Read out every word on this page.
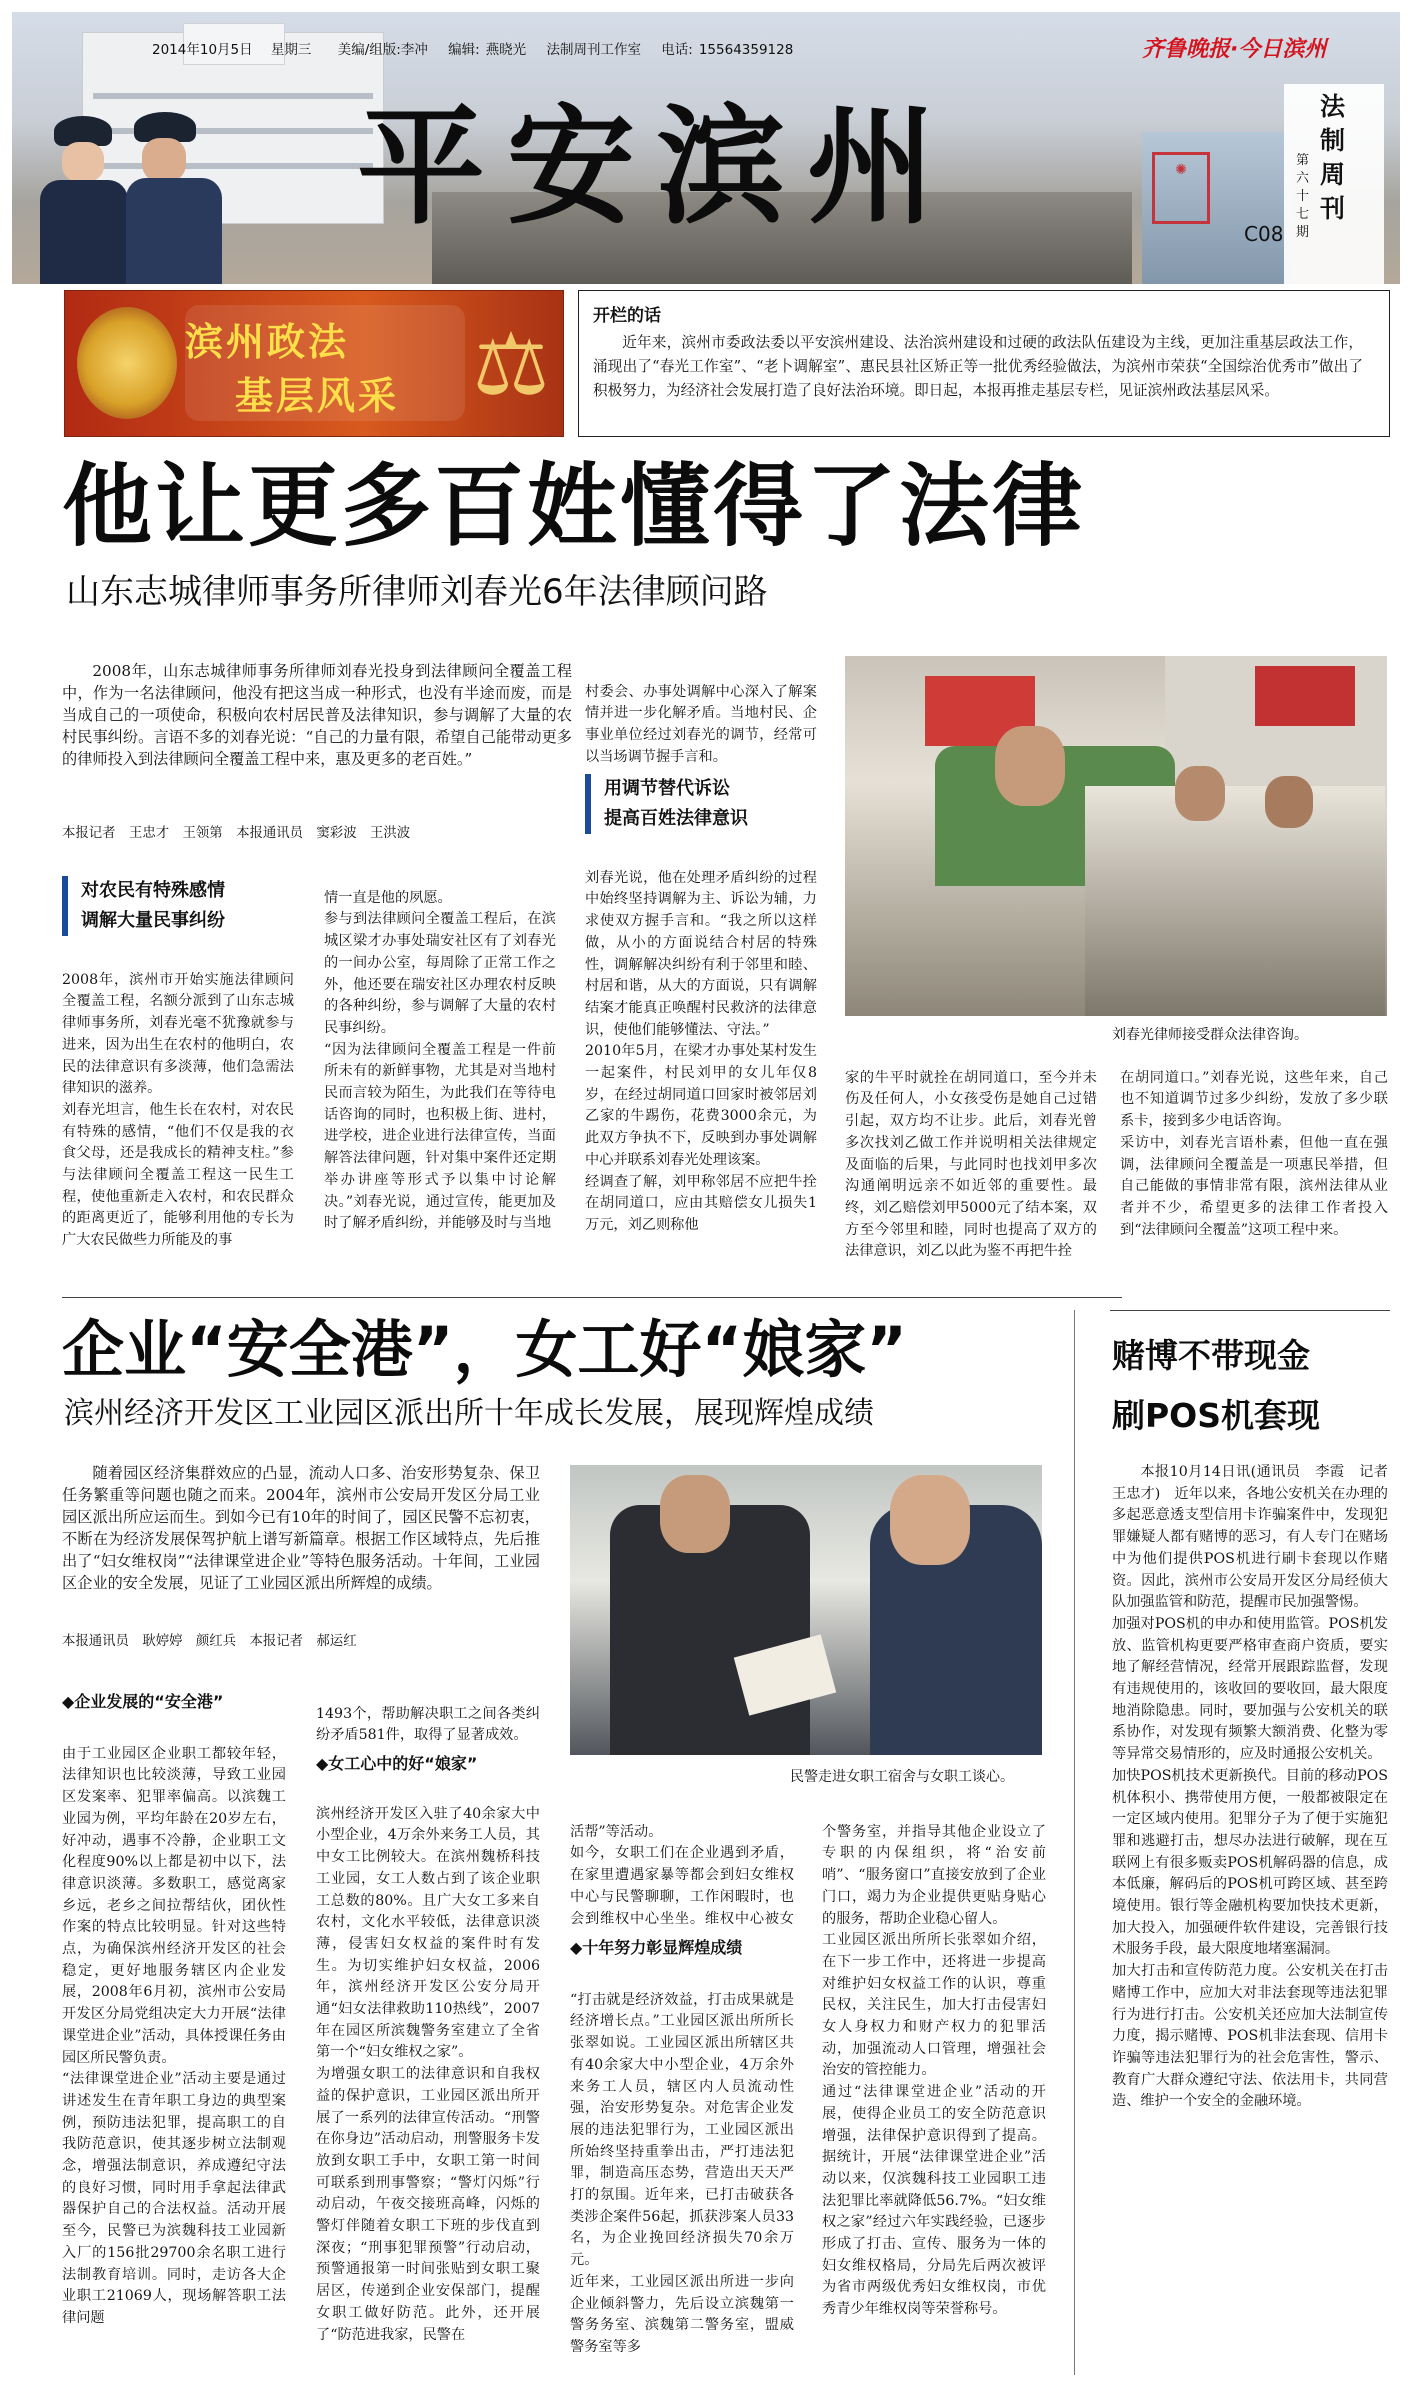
2014年10月5日 星期三 美编/组版:李冲 编辑: 燕晓光 法制周刊工作室 电话: 15564359128	齐鲁晚报·今日滨州
平安滨州	✺
法制周刊
第六十七期
C08
滨州政法
基层风采 ⚖	开栏的话
近年来，滨州市委政法委以平安滨州建设、法治滨州建设和过硬的政法队伍建设为主线，更加注重基层政法工作，涌现出了“春光工作室”、“老卜调解室”、惠民县社区矫正等一批优秀经验做法，为滨州市荣获“全国综治优秀市”做出了积极努力，为经济社会发展打造了良好法治环境。即日起，本报再推走基层专栏，见证滨州政法基层风采。
他让更多百姓懂得了法律
山东志城律师事务所律师刘春光6年法律顾问路
2008年，山东志城律师事务所律师刘春光投身到法律顾问全覆盖工程中，作为一名法律顾问，他没有把这当成一种形式，也没有半途而废，而是当成自己的一项使命，积极向农村居民普及法律知识，参与调解了大量的农村民事纠纷。言语不多的刘春光说：“自己的力量有限，希望自己能带动更多的律师投入到法律顾问全覆盖工程中来，惠及更多的老百姓。”
本报记者　王忠才　王领第　本报通讯员　窦彩波　王洪波
对农民有特殊感情
调解大量民事纠纷

2008年，滨州市开始实施法律顾问全覆盖工程，名额分派到了山东志城律师事务所，刘春光毫不犹豫就参与进来，因为出生在农村的他明白，农民的法律意识有多淡薄，他们急需法律知识的滋养。
刘春光坦言，他生长在农村，对农民有特殊的感情，“他们不仅是我的衣食父母，还是我成长的精神支柱。”参与法律顾问全覆盖工程这一民生工程，使他重新走入农村，和农民群众的距离更近了，能够利用他的专长为广大农民做些力所能及的事

情一直是他的夙愿。
参与到法律顾问全覆盖工程后，在滨城区梁才办事处瑞安社区有了刘春光的一间办公室，每周除了正常工作之外，他还要在瑞安社区办理农村反映的各种纠纷，参与调解了大量的农村民事纠纷。
“因为法律顾问全覆盖工程是一件前所未有的新鲜事物，尤其是对当地村民而言较为陌生，为此我们在等待电话咨询的同时，也积极上街、进村，进学校，进企业进行法律宣传，当面解答法律问题，针对集中案件还定期举办讲座等形式予以集中讨论解决。”刘春光说，通过宣传，能更加及时了解矛盾纠纷，并能够及时与当地

村委会、办事处调解中心深入了解案情并进一步化解矛盾。当地村民、企事业单位经过刘春光的调节，经常可以当场调节握手言和。

用调节替代诉讼
提高百姓法律意识

刘春光说，他在处理矛盾纠纷的过程中始终坚持调解为主、诉讼为辅，力求使双方握手言和。“我之所以这样做，从小的方面说结合村居的特殊性，调解解决纠纷有利于邻里和睦、村居和谐，从大的方面说，只有调解结案才能真正唤醒村民救济的法律意识，使他们能够懂法、守法。”
2010年5月，在梁才办事处某村发生一起案件，村民刘甲的女儿年仅8岁，在经过胡同道口回家时被邻居刘乙家的牛踢伤，花费3000余元，为此双方争执不下，反映到办事处调解中心并联系刘春光处理该案。
经调查了解，刘甲称邻居不应把牛拴在胡同道口，应由其赔偿女儿损失1万元，刘乙则称他

刘春光律师接受群众法律咨询。

家的牛平时就拴在胡同道口，至今并未伤及任何人，小女孩受伤是她自己过错引起，双方均不让步。此后，刘春光曾多次找刘乙做工作并说明相关法律规定及面临的后果，与此同时也找刘甲多次沟通阐明远亲不如近邻的重要性。最终，刘乙赔偿刘甲5000元了结本案，双方至今邻里和睦，同时也提高了双方的法律意识，刘乙以此为鉴不再把牛拴

在胡同道口。”刘春光说，这些年来，自己也不知道调节过多少纠纷，发放了多少联系卡，接到多少电话咨询。
采访中，刘春光言语朴素，但他一直在强调，法律顾问全覆盖是一项惠民举措，但自己能做的事情非常有限，滨州法律从业者并不少，希望更多的法律工作者投入到“法律顾问全覆盖”这项工程中来。

企业“安全港”，女工好“娘家”
滨州经济开发区工业园区派出所十年成长发展，展现辉煌成绩
随着园区经济集群效应的凸显，流动人口多、治安形势复杂、保卫任务繁重等问题也随之而来。2004年，滨州市公安局开发区分局工业园区派出所应运而生。到如今已有10年的时间了，园区民警不忘初衷，不断在为经济发展保驾护航上谱写新篇章。根据工作区域特点，先后推出了“妇女维权岗”“法律课堂进企业”等特色服务活动。十年间，工业园区企业的安全发展，见证了工业园区派出所辉煌的成绩。
本报通讯员　耿婷婷　颜红兵　本报记者　郝运红
民警走进女职工宿舍与女职工谈心。
◆企业发展的“安全港”

由于工业园区企业职工都较年轻，法律知识也比较淡薄，导致工业园区发案率、犯罪率偏高。以滨魏工业园为例，平均年龄在20岁左右，好冲动，遇事不冷静，企业职工文化程度90%以上都是初中以下，法律意识淡薄。多数职工，感觉离家乡远，老乡之间拉帮结伙，团伙性作案的特点比较明显。针对这些特点，为确保滨州经济开发区的社会稳定，更好地服务辖区内企业发展，2008年6月初，滨州市公安局开发区分局党组决定大力开展“法律课堂进企业”活动，具体授课任务由园区所民警负责。
“法律课堂进企业”活动主要是通过讲述发生在青年职工身边的典型案例，预防违法犯罪，提高职工的自我防范意识，使其逐步树立法制观念，增强法制意识，养成遵纪守法的良好习惯，同时用手拿起法律武器保护自己的合法权益。活动开展至今，民警已为滨魏科技工业园新入厂的156批29700余名职工进行法制教育培训。同时，走访各大企业职工21069人，现场解答职工法律问题

1493个，帮助解决职工之间各类纠纷矛盾581件，取得了显著成效。

◆女工心中的好“娘家”

滨州经济开发区入驻了40余家大中小型企业，4万余外来务工人员，其中女工比例较大。在滨州魏桥科技工业园，女工人数占到了该企业职工总数的80%。且广大女工多来自农村，文化水平较低，法律意识淡薄，侵害妇女权益的案件时有发生。为切实维护妇女权益，2006年，滨州经济开发区公安分局开通“妇女法律救助110热线”，2007年在园区所滨魏警务室建立了全省第一个“妇女维权之家”。
为增强女职工的法律意识和自我权益的保护意识，工业园区派出所开展了一系列的法律宣传活动。“刑警在你身边”活动启动，刑警服务卡发放到女职工手中，女职工第一时间可联系到刑事警察；“警灯闪烁”行动启动，午夜交接班高峰，闪烁的警灯伴随着女职工下班的步伐直到深夜；“刑事犯罪预警”行动启动，预警通报第一时间张贴到女职工聚居区，传递到企业安保部门，提醒女职工做好防范。此外，还开展了“防范进我家，民警在

活帮”等活动。
如今，女职工们在企业遇到矛盾，在家里遭遇家暴等都会到妇女维权中心与民警聊聊，工作闲暇时，也会到维权中心坐坐。维权中心被女

◆十年努力彰显辉煌成绩

“打击就是经济效益，打击成果就是经济增长点。”工业园区派出所所长张翠如说。工业园区派出所辖区共有40余家大中小型企业，4万余外来务工人员，辖区内人员流动性强，治安形势复杂。对危害企业发展的违法犯罪行为，工业园区派出所始终坚持重拳出击，严打违法犯罪，制造高压态势，营造出天天严打的氛围。近年来，已打击破获各类涉企案件56起，抓获涉案人员33名，为企业挽回经济损失70余万元。
近年来，工业园区派出所进一步向企业倾斜警力，先后设立滨魏第一警务务室、滨魏第二警务室，盟威警务室等多

个警务室，并指导其他企业设立了专职的内保组织，将“治安前哨”、“服务窗口”直接安放到了企业门口，竭力为企业提供更贴身贴心的服务，帮助企业稳心留人。
工业园区派出所所长张翠如介绍，在下一步工作中，还将进一步提高对维护妇女权益工作的认识，尊重民权，关注民生，加大打击侵害妇女人身权力和财产权力的犯罪活动，加强流动人口管理，增强社会治安的管控能力。
通过“法律课堂进企业”活动的开展，使得企业员工的安全防范意识增强，法律保护意识得到了提高。据统计，开展“法律课堂进企业”活动以来，仅滨魏科技工业园职工违法犯罪比率就降低56.7%。“妇女维权之家”经过六年实践经验，已逐步形成了打击、宣传、服务为一体的妇女维权格局，分局先后两次被评为省市两级优秀妇女维权岗，市优秀青少年维权岗等荣誉称号。

赌博不带现金
刷POS机套现
本报10月14日讯(通讯员　李霞　记者　王忠才)　近年以来，各地公安机关在办理的多起恶意透支型信用卡诈骗案件中，发现犯罪嫌疑人都有赌博的恶习，有人专门在赌场中为他们提供POS机进行刷卡套现以作赌资。因此，滨州市公安局开发区分局经侦大队加强监管和防范，提醒市民加强警惕。
加强对POS机的申办和使用监管。POS机发放、监管机构更要严格审查商户资质，要实地了解经营情况，经常开展跟踪监督，发现有违规使用的，该收回的要收回，最大限度地消除隐患。同时，要加强与公安机关的联系协作，对发现有频繁大额消费、化整为零等异常交易情形的，应及时通报公安机关。
加快POS机技术更新换代。目前的移动POS机体积小、携带使用方便，一般都被限定在一定区域内使用。犯罪分子为了便于实施犯罪和逃避打击，想尽办法进行破解，现在互联网上有很多贩卖POS机解码器的信息，成本低廉，解码后的POS机可跨区域、甚至跨境使用。银行等金融机构要加快技术更新，加大投入，加强硬件软件建设，完善银行技术服务手段，最大限度地堵塞漏洞。
加大打击和宣传防范力度。公安机关在打击赌博工作中，应加大对非法套现等违法犯罪行为进行打击。公安机关还应加大法制宣传力度，揭示赌博、POS机非法套现、信用卡诈骗等违法犯罪行为的社会危害性，警示、教育广大群众遵纪守法、依法用卡，共同营造、维护一个安全的金融环境。
